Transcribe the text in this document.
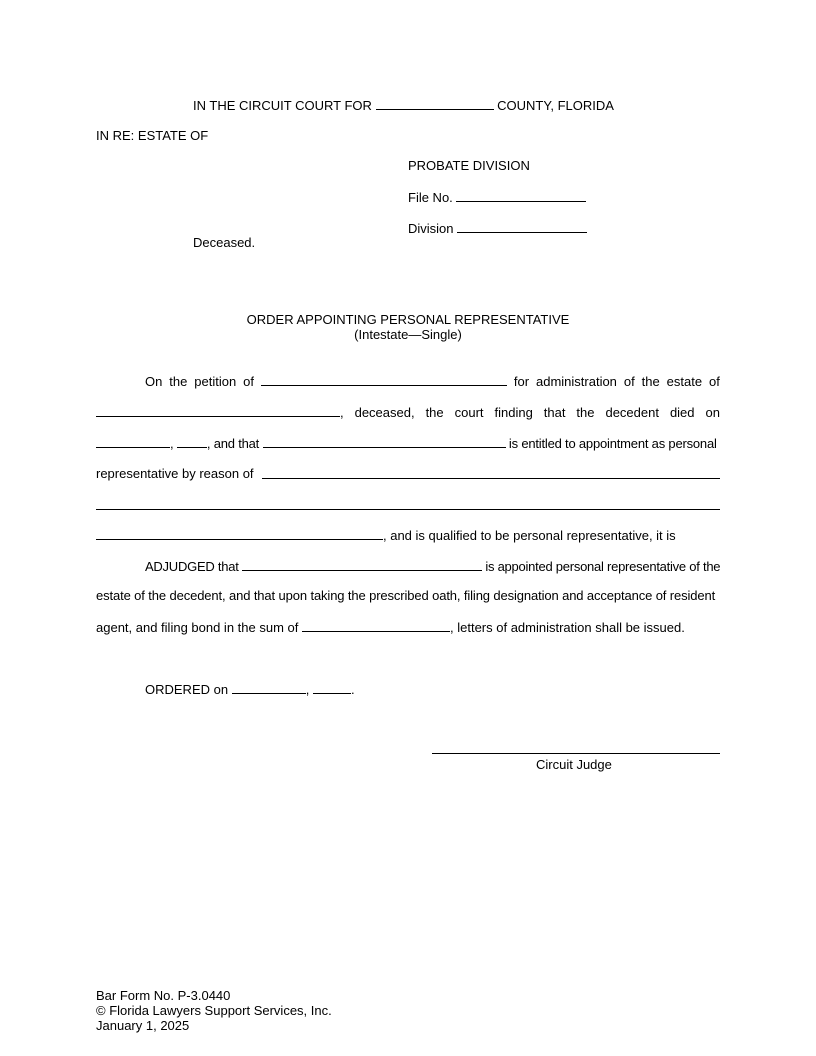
IN THE CIRCUIT COURT FOR	COUNTY, FLORIDA
IN RE: ESTATE OF
PROBATE DIVISION
File No.
Division
Deceased.
ORDER APPOINTING PERSONAL REPRESENTATIVE
(Intestate—Single)
On the petition of	for administration of the estate of
, deceased, the court finding that the decedent died on
,	, and that	is entitled to appointment as personal
representative by reason of
, and is qualified to be personal representative, it is
ADJUDGED that	is appointed personal representative of the
estate of the decedent, and that upon taking the prescribed oath, filing designation and acceptance of resident
agent, and filing bond in the sum of	, letters of administration shall be issued.
ORDERED on	,	.
Circuit Judge
Bar Form No. P-3.0440
© Florida Lawyers Support Services, Inc.
January 1, 2025
